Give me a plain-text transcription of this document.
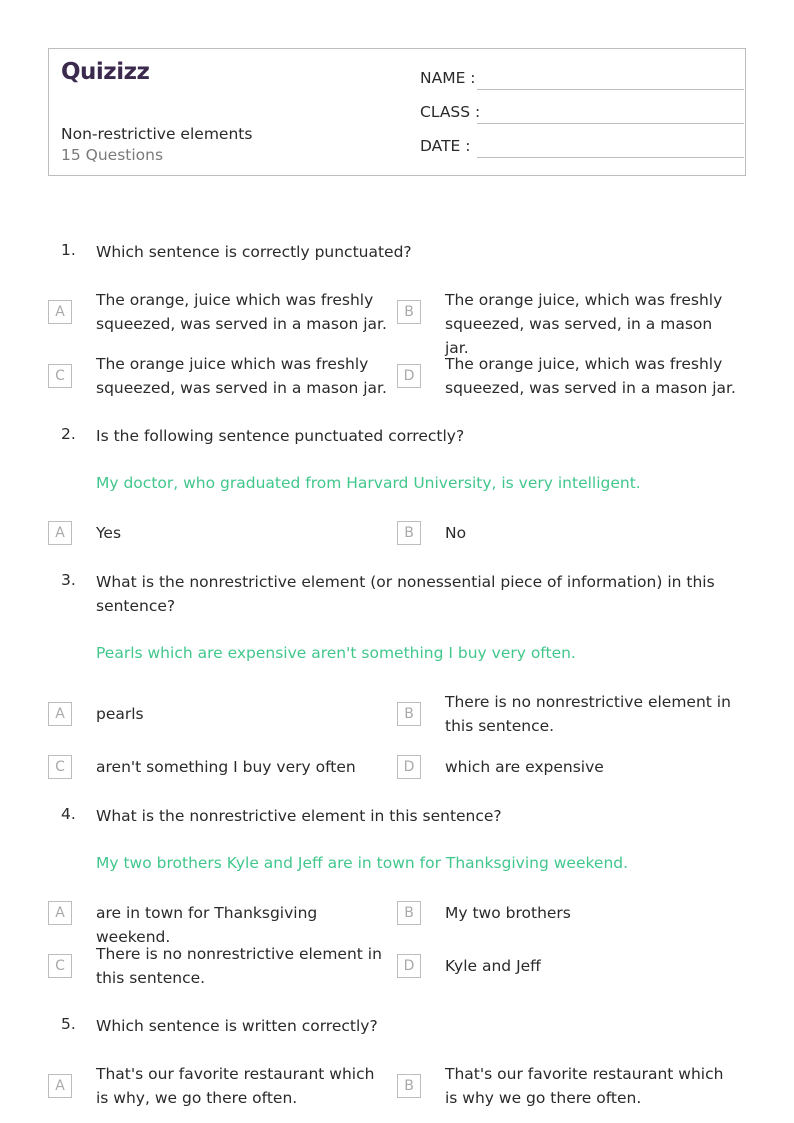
Quizizz
Non-restrictive elements
15 Questions
NAME :
CLASS :
DATE :
1. Which sentence is correctly punctuated?
A
The orange, juice which was freshly squeezed, was served in a mason jar.
B
The orange juice, which was freshly squeezed, was served, in a mason jar.
C
The orange juice which was freshly squeezed, was served in a mason jar.
D
The orange juice, which was freshly squeezed, was served in a mason jar.
2. Is the following sentence punctuated correctly?
My doctor, who graduated from Harvard University, is very intelligent.
A	Yes	B	No
3. What is the nonrestrictive element (or nonessential piece of information) in this sentence?
Pearls which are expensive aren't something I buy very often.
A	pearls	B
There is no nonrestrictive element in this sentence.
C	aren't something I buy very often	D	which are expensive
4. What is the nonrestrictive element in this sentence?
My two brothers Kyle and Jeff are in town for Thanksgiving weekend.
A	are in town for Thanksgiving weekend.
B	My two brothers
C
There is no nonrestrictive element in this sentence.
D	Kyle and Jeff
5. Which sentence is written correctly?
A
That's our favorite restaurant which is why, we go there often.
B
That's our favorite restaurant which is why we go there often.
